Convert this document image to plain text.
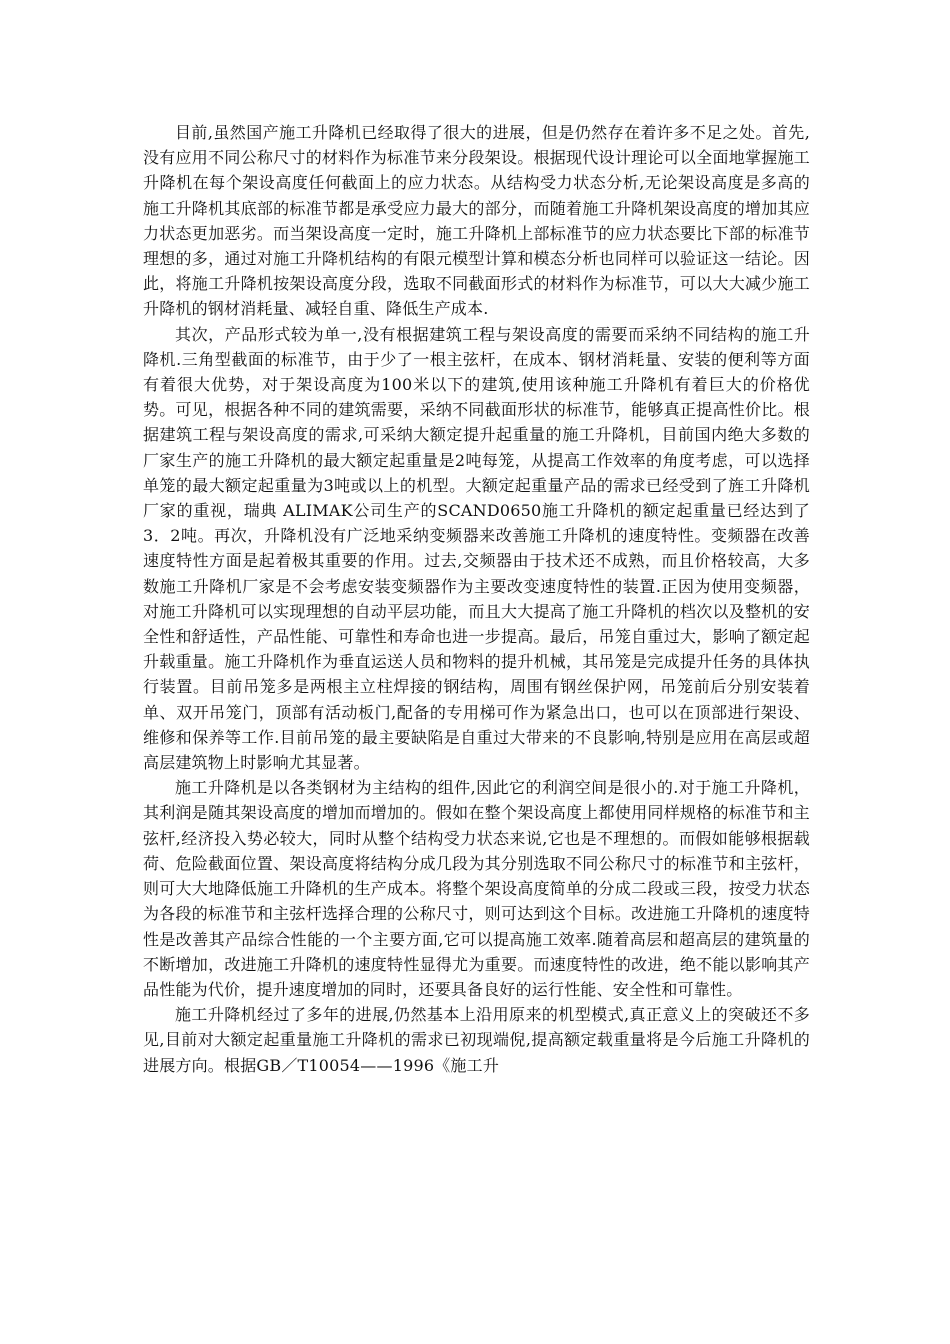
目前,虽然国产施工升降机已经取得了很大的进展，但是仍然存在着许多不足之处。首先,没有应用不同公称尺寸的材料作为标准节来分段架设。根据现代设计理论可以全面地掌握施工升降机在每个架设高度任何截面上的应力状态。从结构受力状态分析,无论架设高度是多高的施工升降机其底部的标准节都是承受应力最大的部分，而随着施工升降机架设高度的增加其应力状态更加恶劣。而当架设高度一定时，施工升降机上部标准节的应力状态要比下部的标准节理想的多，通过对施工升降机结构的有限元模型计算和模态分析也同样可以验证这一结论。因此，将施工升降机按架设高度分段，选取不同截面形式的材料作为标准节，可以大大减少施工升降机的钢材消耗量、减轻自重、降低生产成本.

其次，产品形式较为单一,没有根据建筑工程与架设高度的需要而采纳不同结构的施工升降机.三角型截面的标准节，由于少了一根主弦杆，在成本、钢材消耗量、安装的便利等方面有着很大优势，对于架设高度为100米以下的建筑,使用该种施工升降机有着巨大的价格优势。可见，根据各种不同的建筑需要，采纳不同截面形状的标准节，能够真正提高性价比。根据建筑工程与架设高度的需求,可采纳大额定提升起重量的施工升降机，目前国内绝大多数的厂家生产的施工升降机的最大额定起重量是2吨每笼，从提高工作效率的角度考虑，可以选择单笼的最大额定起重量为3吨或以上的机型。大额定起重量产品的需求已经受到了旌工升降机厂家的重视，瑞典 ALIMAK公司生产的SCAND0650施工升降机的额定起重量已经达到了3．2吨。再次，升降机没有广泛地采纳变频器来改善施工升降机的速度特性。变频器在改善速度特性方面是起着极其重要的作用。过去,交频器由于技术还不成熟，而且价格较高，大多数施工升降机厂家是不会考虑安装变频器作为主要改变速度特性的装置.正因为使用变频器，对施工升降机可以实现理想的自动平层功能，而且大大提高了施工升降机的档次以及整机的安全性和舒适性，产品性能、可靠性和寿命也进一步提高。最后，吊笼自重过大，影响了额定起升载重量。施工升降机作为垂直运送人员和物料的提升机械，其吊笼是完成提升任务的具体执行装置。目前吊笼多是两根主立柱焊接的钢结构，周围有钢丝保护网，吊笼前后分别安装着单、双开吊笼门，顶部有活动板门,配备的专用梯可作为紧急出口，也可以在顶部进行架设、维修和保养等工作.目前吊笼的最主要缺陷是自重过大带来的不良影响,特别是应用在高层或超高层建筑物上时影响尤其显著。

施工升降机是以各类钢材为主结构的组件,因此它的利润空间是很小的.对于施工升降机，其利润是随其架设高度的增加而增加的。假如在整个架设高度上都使用同样规格的标准节和主弦杆,经济投入势必较大，同时从整个结构受力状态来说,它也是不理想的。而假如能够根据载荷、危险截面位置、架设高度将结构分成几段为其分别选取不同公称尺寸的标准节和主弦杆，则可大大地降低施工升降机的生产成本。将整个架设高度简单的分成二段或三段，按受力状态为各段的标准节和主弦杆选择合理的公称尺寸，则可达到这个目标。改进施工升降机的速度特性是改善其产品综合性能的一个主要方面,它可以提高施工效率.随着高层和超高层的建筑量的不断增加，改进施工升降机的速度特性显得尤为重要。而速度特性的改进，绝不能以影响其产品性能为代价，提升速度增加的同时，还要具备良好的运行性能、安全性和可靠性。

施工升降机经过了多年的进展,仍然基本上沿用原来的机型模式,真正意义上的突破还不多见,目前对大额定起重量施工升降机的需求已初现端倪,提高额定载重量将是今后施工升降机的进展方向。根据GB／T10054——1996《施工升
